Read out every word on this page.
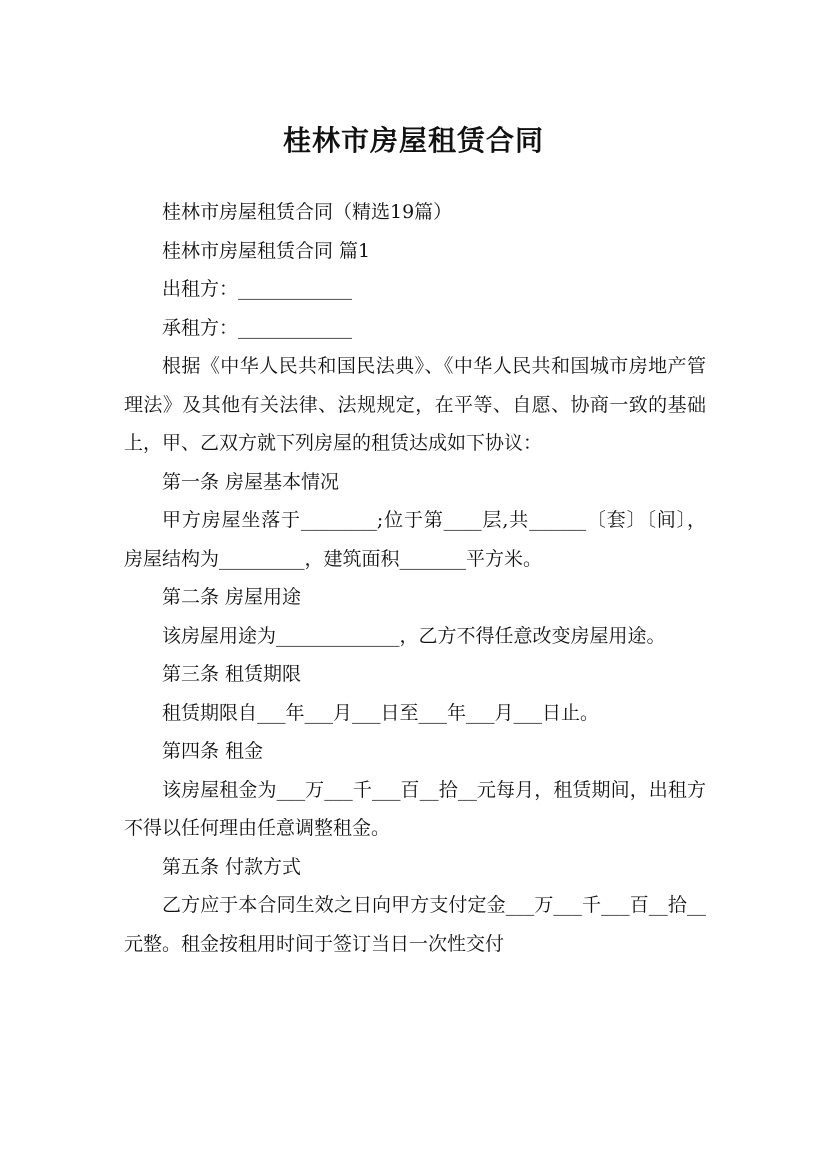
桂林市房屋租赁合同

桂林市房屋租赁合同（精选19篇）

桂林市房屋租赁合同 篇1

出租方：____________

承租方：____________

根据《中华人民共和国民法典》、《中华人民共和国城市房地产管理法》及其他有关法律、法规规定，在平等、自愿、协商一致的基础上，甲、乙双方就下列房屋的租赁达成如下协议：

第一条 房屋基本情况

甲方房屋坐落于________;位于第____层,共______〔套〕〔间〕，房屋结构为_________，建筑面积_______平方米。

第二条 房屋用途

该房屋用途为_____________，乙方不得任意改变房屋用途。

第三条 租赁期限

租赁期限自___年___月___日至___年___月___日止。

第四条 租金

该房屋租金为___万___千___百__拾__元每月，租赁期间，出租方不得以任何理由任意调整租金。

第五条 付款方式

乙方应于本合同生效之日向甲方支付定金___万___千___百__拾__元整。租金按租用时间于签订当日一次性交付
